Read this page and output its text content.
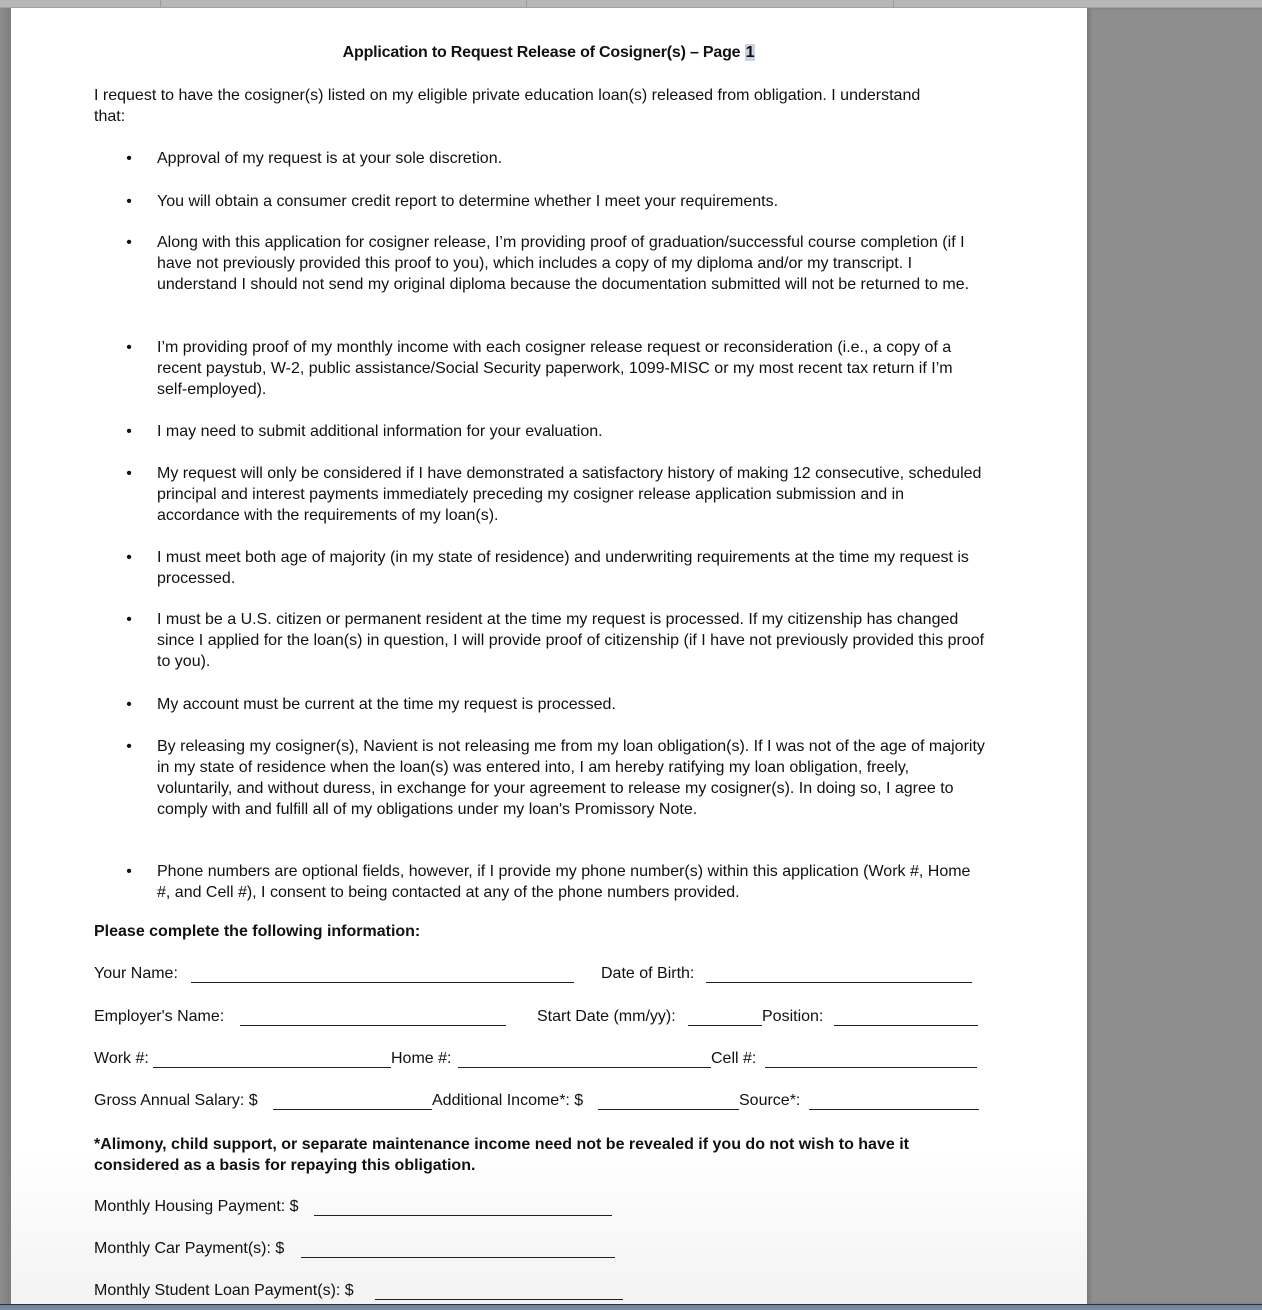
Application to Request Release of Cosigner(s) – Page 1
I request to have the cosigner(s) listed on my eligible private education loan(s) released from obligation. I understand that:
• Approval of my request is at your sole discretion.
• You will obtain a consumer credit report to determine whether I meet your requirements.
• Along with this application for cosigner release, I’m providing proof of graduation/successful course completion (if I have not previously provided this proof to you), which includes a copy of my diploma and/or my transcript. I understand I should not send my original diploma because the documentation submitted will not be returned to me.
• I’m providing proof of my monthly income with each cosigner release request or reconsideration (i.e., a copy of a recent paystub, W-2, public assistance/Social Security paperwork, 1099-MISC or my most recent tax return if I’m self-employed).
• I may need to submit additional information for your evaluation.
• My request will only be considered if I have demonstrated a satisfactory history of making 12 consecutive, scheduled principal and interest payments immediately preceding my cosigner release application submission and in accordance with the requirements of my loan(s).
• I must meet both age of majority (in my state of residence) and underwriting requirements at the time my request is processed.
• I must be a U.S. citizen or permanent resident at the time my request is processed. If my citizenship has changed since I applied for the loan(s) in question, I will provide proof of citizenship (if I have not previously provided this proof to you).
• My account must be current at the time my request is processed.
• By releasing my cosigner(s), Navient is not releasing me from my loan obligation(s). If I was not of the age of majority in my state of residence when the loan(s) was entered into, I am hereby ratifying my loan obligation, freely, voluntarily, and without duress, in exchange for your agreement to release my cosigner(s). In doing so, I agree to comply with and fulfill all of my obligations under my loan's Promissory Note.
• Phone numbers are optional fields, however, if I provide my phone number(s) within this application (Work #, Home #, and Cell #), I consent to being contacted at any of the phone numbers provided.
Please complete the following information:
Your Name:	Date of Birth:
Employer's Name:	Start Date (mm/yy):	Position:
Work #:	Home #:	Cell #:
Gross Annual Salary: $	Additional Income*: $	Source*:
*Alimony, child support, or separate maintenance income need not be revealed if you do not wish to have it considered as a basis for repaying this obligation.
Monthly Housing Payment: $
Monthly Car Payment(s): $
Monthly Student Loan Payment(s): $
